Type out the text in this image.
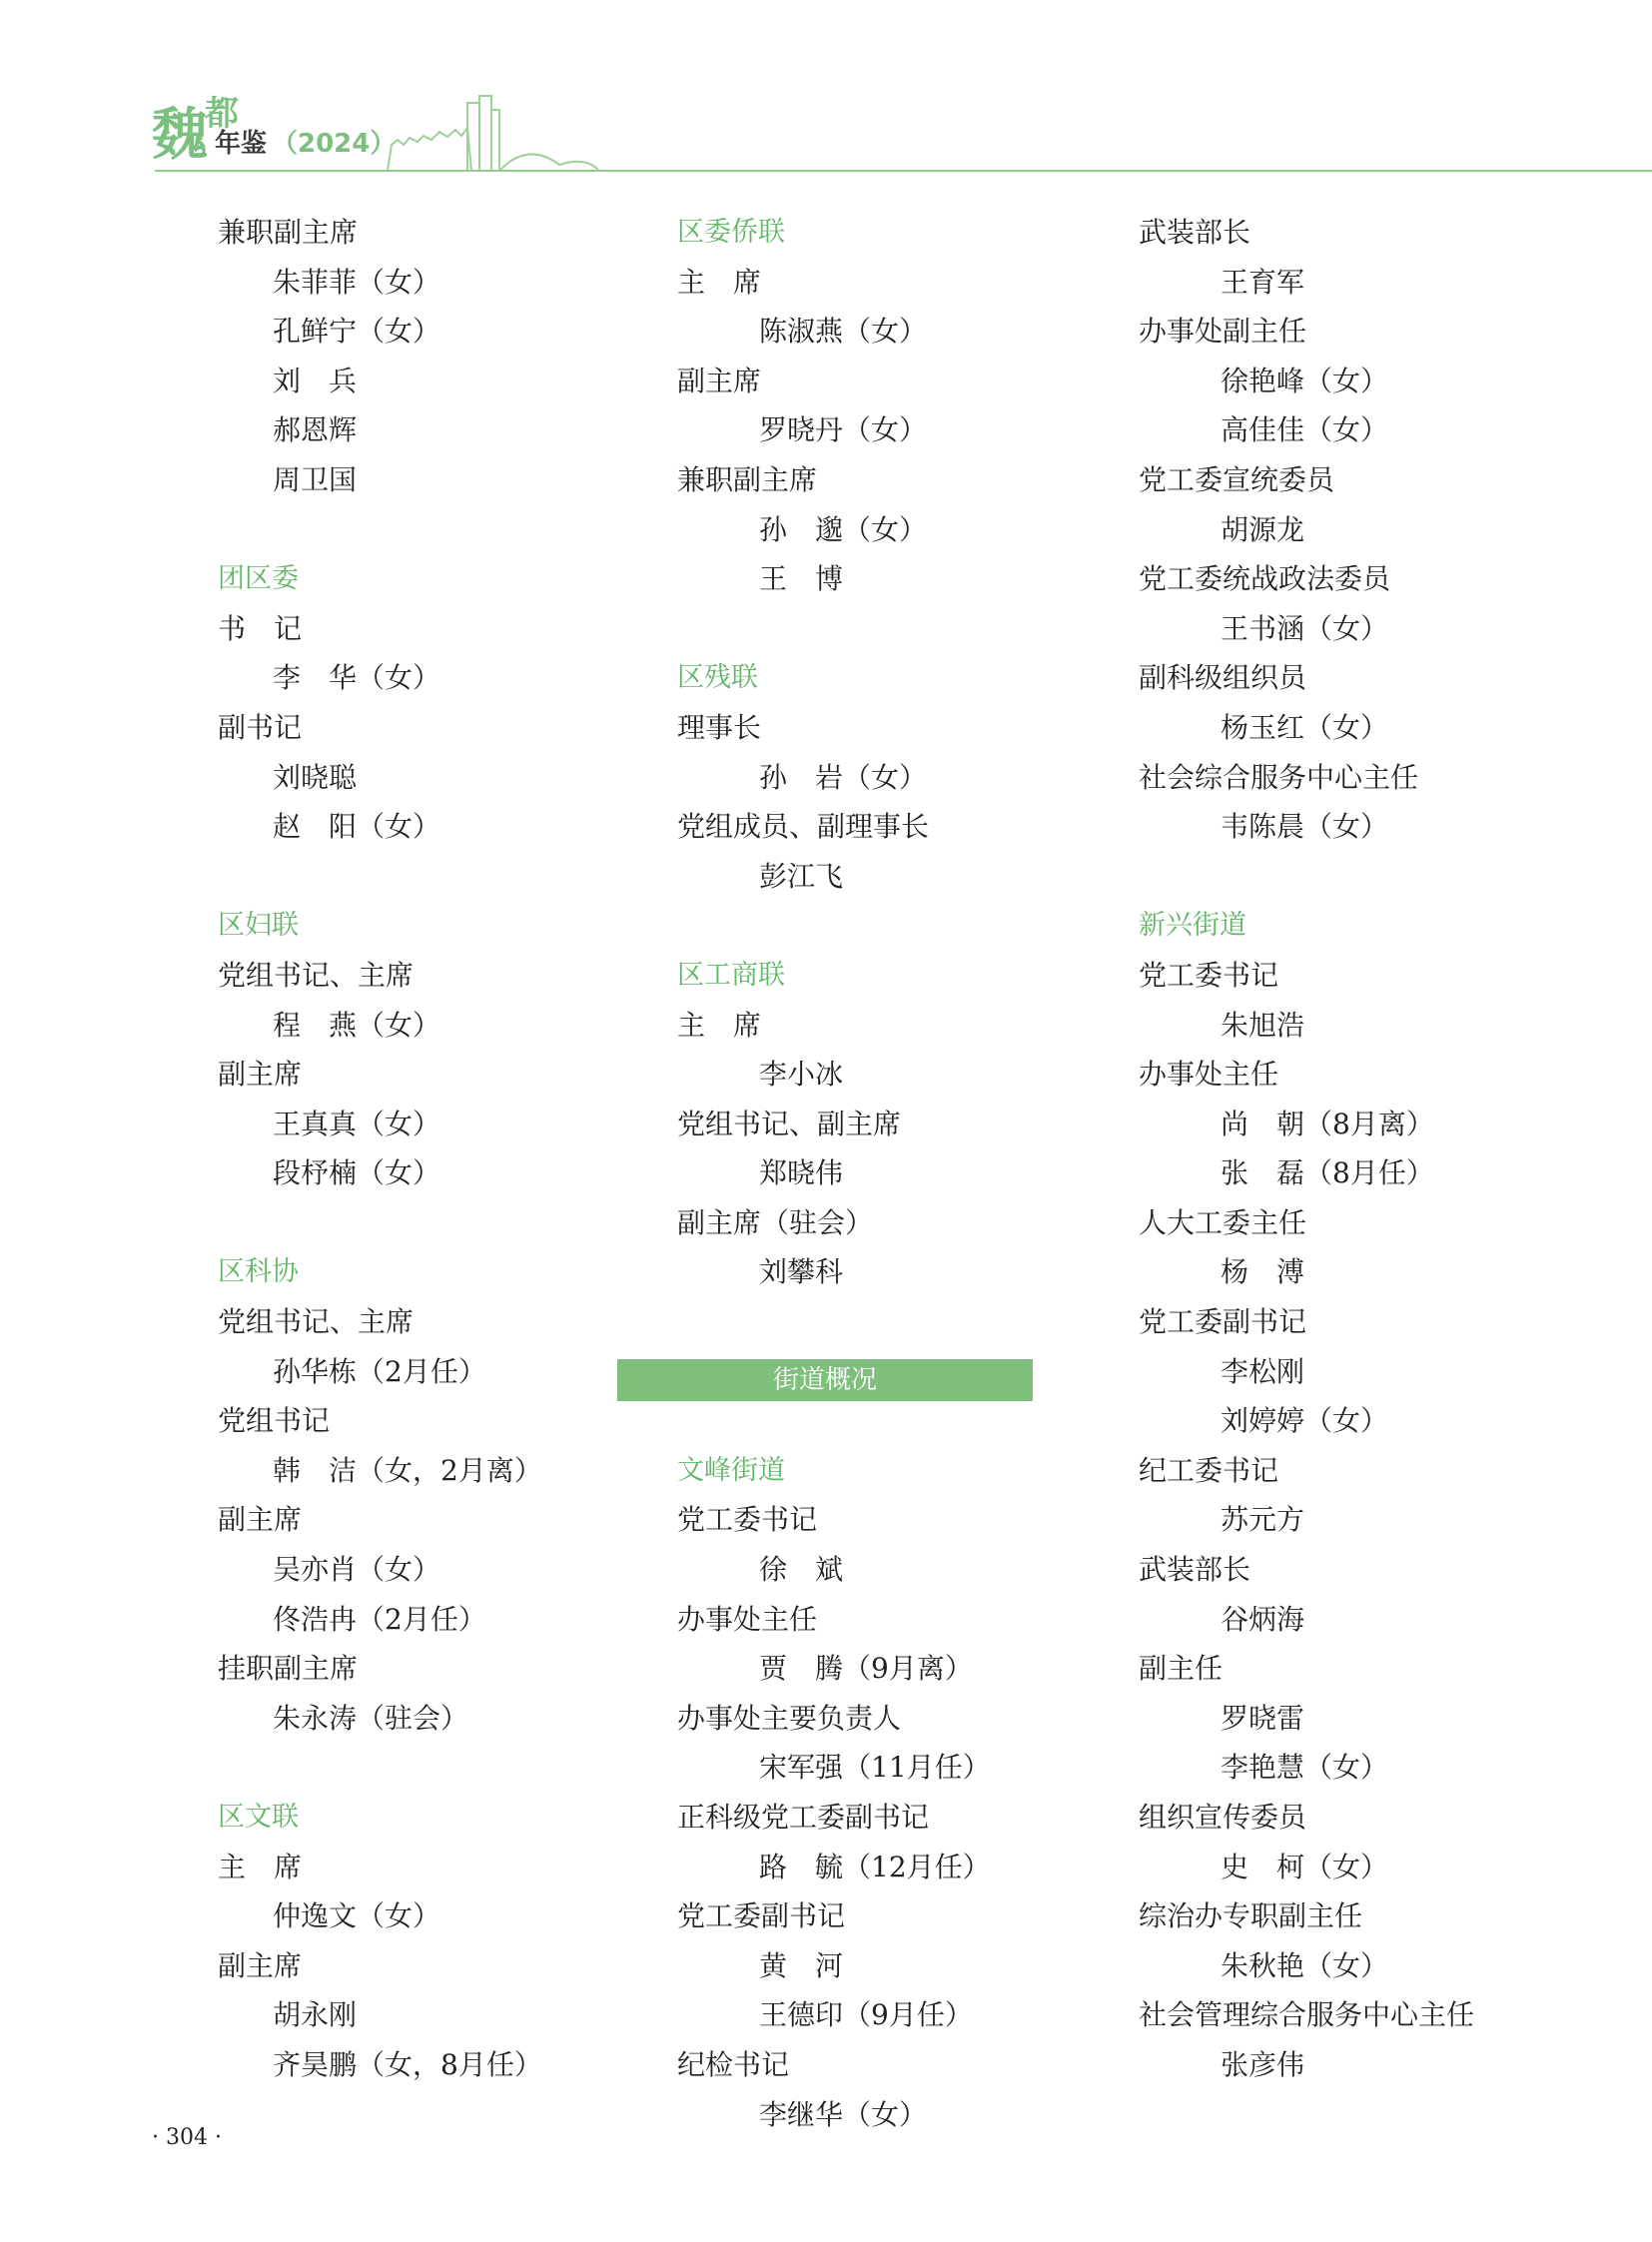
魏
都
年鉴 （2024）
兼职副主席
朱菲菲（女）
孔鲜宁（女）
刘　兵
郝恩辉
周卫国
团区委
书　记
李　华（女）
副书记
刘晓聪
赵　阳（女）
区妇联
党组书记、主席
程　燕（女）
副主席
王真真（女）
段杼楠（女）
区科协
党组书记、主席
孙华栋（2月任）
党组书记
韩　洁（女，2月离）
副主席
吴亦肖（女）
佟浩冉（2月任）
挂职副主席
朱永涛（驻会）
区文联
主　席
仲逸文（女）
副主席
胡永刚
齐昊鹏（女，8月任）
区委侨联
主　席
陈淑燕（女）
副主席
罗晓丹（女）
兼职副主席
孙　邈（女）
王　博
区残联
理事长
孙　岩（女）
党组成员、副理事长
彭江飞
区工商联
主　席
李小冰
党组书记、副主席
郑晓伟
副主席（驻会）
刘攀科
街道概况
文峰街道
党工委书记
徐　斌
办事处主任
贾　腾（9月离）
办事处主要负责人
宋军强（11月任）
正科级党工委副书记
路　毓（12月任）
党工委副书记
黄　河
王德印（9月任）
纪检书记
李继华（女）
武装部长
王育军
办事处副主任
徐艳峰（女）
高佳佳（女）
党工委宣统委员
胡源龙
党工委统战政法委员
王书涵（女）
副科级组织员
杨玉红（女）
社会综合服务中心主任
韦陈晨（女）
新兴街道
党工委书记
朱旭浩
办事处主任
尚　朝（8月离）
张　磊（8月任）
人大工委主任
杨　溥
党工委副书记
李松刚
刘婷婷（女）
纪工委书记
苏元方
武装部长
谷炳海
副主任
罗晓雷
李艳慧（女）
组织宣传委员
史　柯（女）
综治办专职副主任
朱秋艳（女）
社会管理综合服务中心主任
张彦伟
· 304 ·
